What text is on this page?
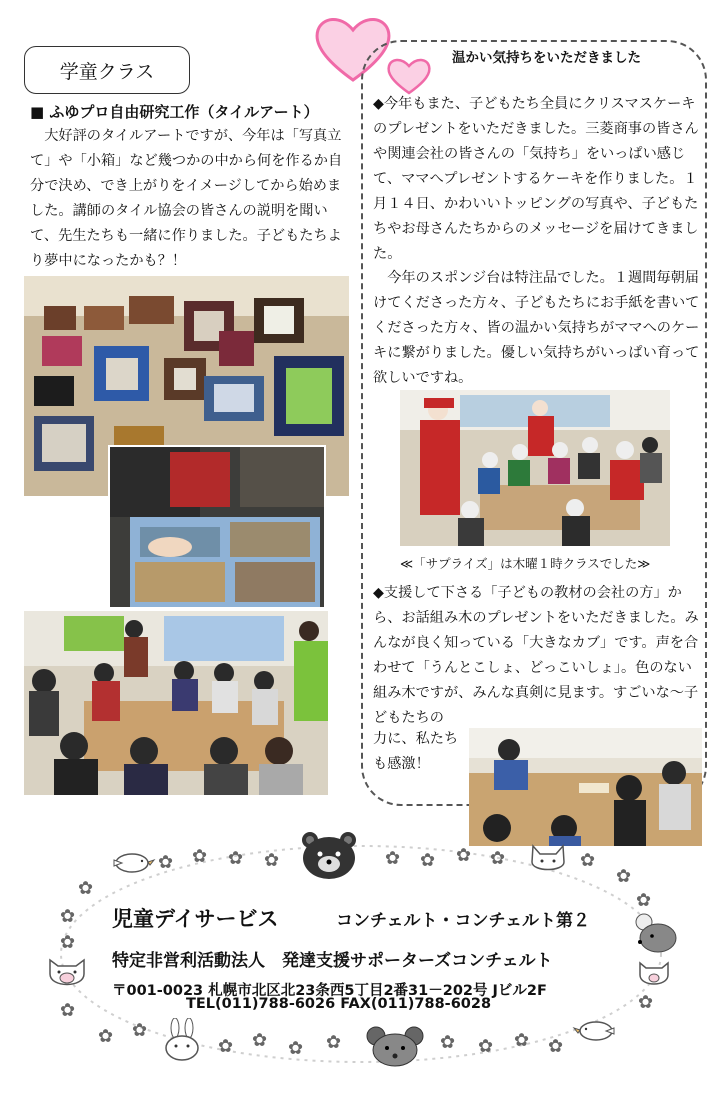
学童クラス
■ ふゆプロ自由研究工作（タイルアート）
　大好評のタイルアートですが、今年は「写真立て」や「小箱」など幾つかの中から何を作るか自分で決め、でき上がりをイメージしてから始めました。講師のタイル協会の皆さんの説明を聞いて、先生たちも一緒に作りました。子どもたちより夢中になったかも？！
温かい気持ちをいただきました
◆今年もまた、子どもたち全員にクリスマスケーキのプレゼントをいただきました。三菱商事の皆さんや関連会社の皆さんの「気持ち」をいっぱい感じて、ママへプレゼントするケーキを作りました。１月１４日、かわいいトッピングの写真や、子どもたちやお母さんたちからのメッセージを届けてきました。
　今年のスポンジ台は特注品でした。１週間毎朝届けてくださった方々、子どもたちにお手紙を書いてくださった方々、皆の温かい気持ちがママへのケーキに繋がりました。優しい気持ちがいっぱい育って欲しいですね。
≪「サプライズ」は木曜１時クラスでした≫
◆支援して下さる「子どもの教材の会社の方」から、お話組み木のプレゼントをいただきました。みんなが良く知っている「大きなカブ」です。声を合わせて「うんとこしょ、どっこいしょ」。色のない組み木ですが、みんな真剣に見ます。すごいな～子どもたちの
力に、私たちも感激！
✿ ✿ ✿ ✿	✿ ✿ ✿ ✿	✿
✿
✿
✿
✿
✿
✿
✿
✿ ✿
✿ ✿ ✿ ✿	✿ ✿ ✿ ✿
児童デイサービス	コンチェルト・コンチェルト第２
特定非営利活動法人　発達支援サポーターズコンチェルト
〒001-0023 札幌市北区北23条西5丁目2番31－202号 Jビル2F
TEL(011)788-6026 FAX(011)788-6028
